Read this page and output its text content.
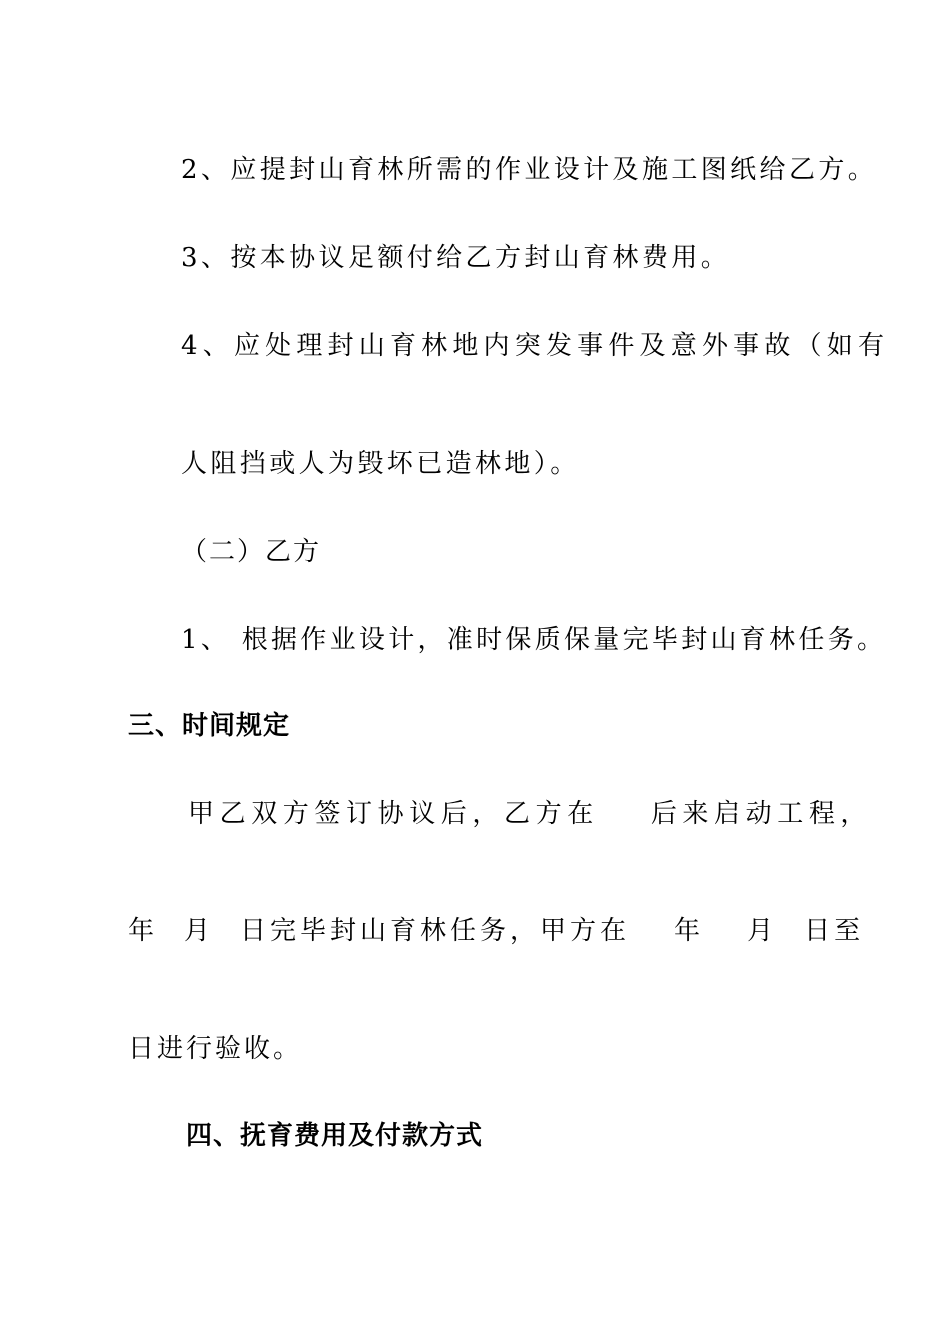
2、应提封山育林所需的作业设计及施工图纸给乙方。
3、按本协议足额付给乙方封山育林费用。
4、应处理封山育林地内突发事件及意外事故（如有
人阻挡或人为毁坏已造林地）。
（二）乙方
1、 根据作业设计，准时保质保量完毕封山育林任务。
三、时间规定
甲乙双方签订协议后，乙方在 后来启动工程，
年 月 日完毕封山育林任务，甲方在 年 月 日至
日进行验收。
四、抚育费用及付款方式
